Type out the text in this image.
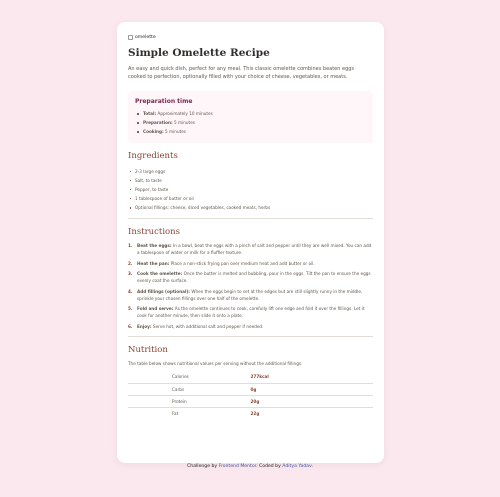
omelette
Simple Omelette Recipe

An easy and quick dish, perfect for any meal. This classic omelette combines beaten eggs cooked to perfection, optionally filled with your choice of cheese, vegetables, or meats.

Preparation time
Total: Approximately 10 minutes
Preparation: 5 minutes
Cooking: 5 minutes
Ingredients
2-3 large eggs
Salt, to taste
Pepper, to taste
1 tablespoon of butter or oil
Optional fillings: cheese, diced vegetables, cooked meats, herbs
Instructions
1. Beat the eggs: In a bowl, beat the eggs with a pinch of salt and pepper until they are well mixed. You can add a tablespoon of water or milk for a fluffier texture.
2. Heat the pan: Place a non-stick frying pan over medium heat and add butter or oil.
3. Cook the omelette: Once the butter is melted and bubbling, pour in the eggs. Tilt the pan to ensure the eggs evenly coat the surface.
4. Add fillings (optional): When the eggs begin to set at the edges but are still slightly runny in the middle, sprinkle your chosen fillings over one half of the omelette.
5. Fold and serve: As the omelette continues to cook, carefully lift one edge and fold it over the fillings. Let it cook for another minute, then slide it onto a plate.
6. Enjoy: Serve hot, with additional salt and pepper if needed.
Nutrition

The table below shows nutritional values per serving without the additional fillings.

Calories	277kcal
Carbs	0g
Protein	20g
Fat	22g
Challenge by Frontend Mentor. Coded by Aditya Yadav.
